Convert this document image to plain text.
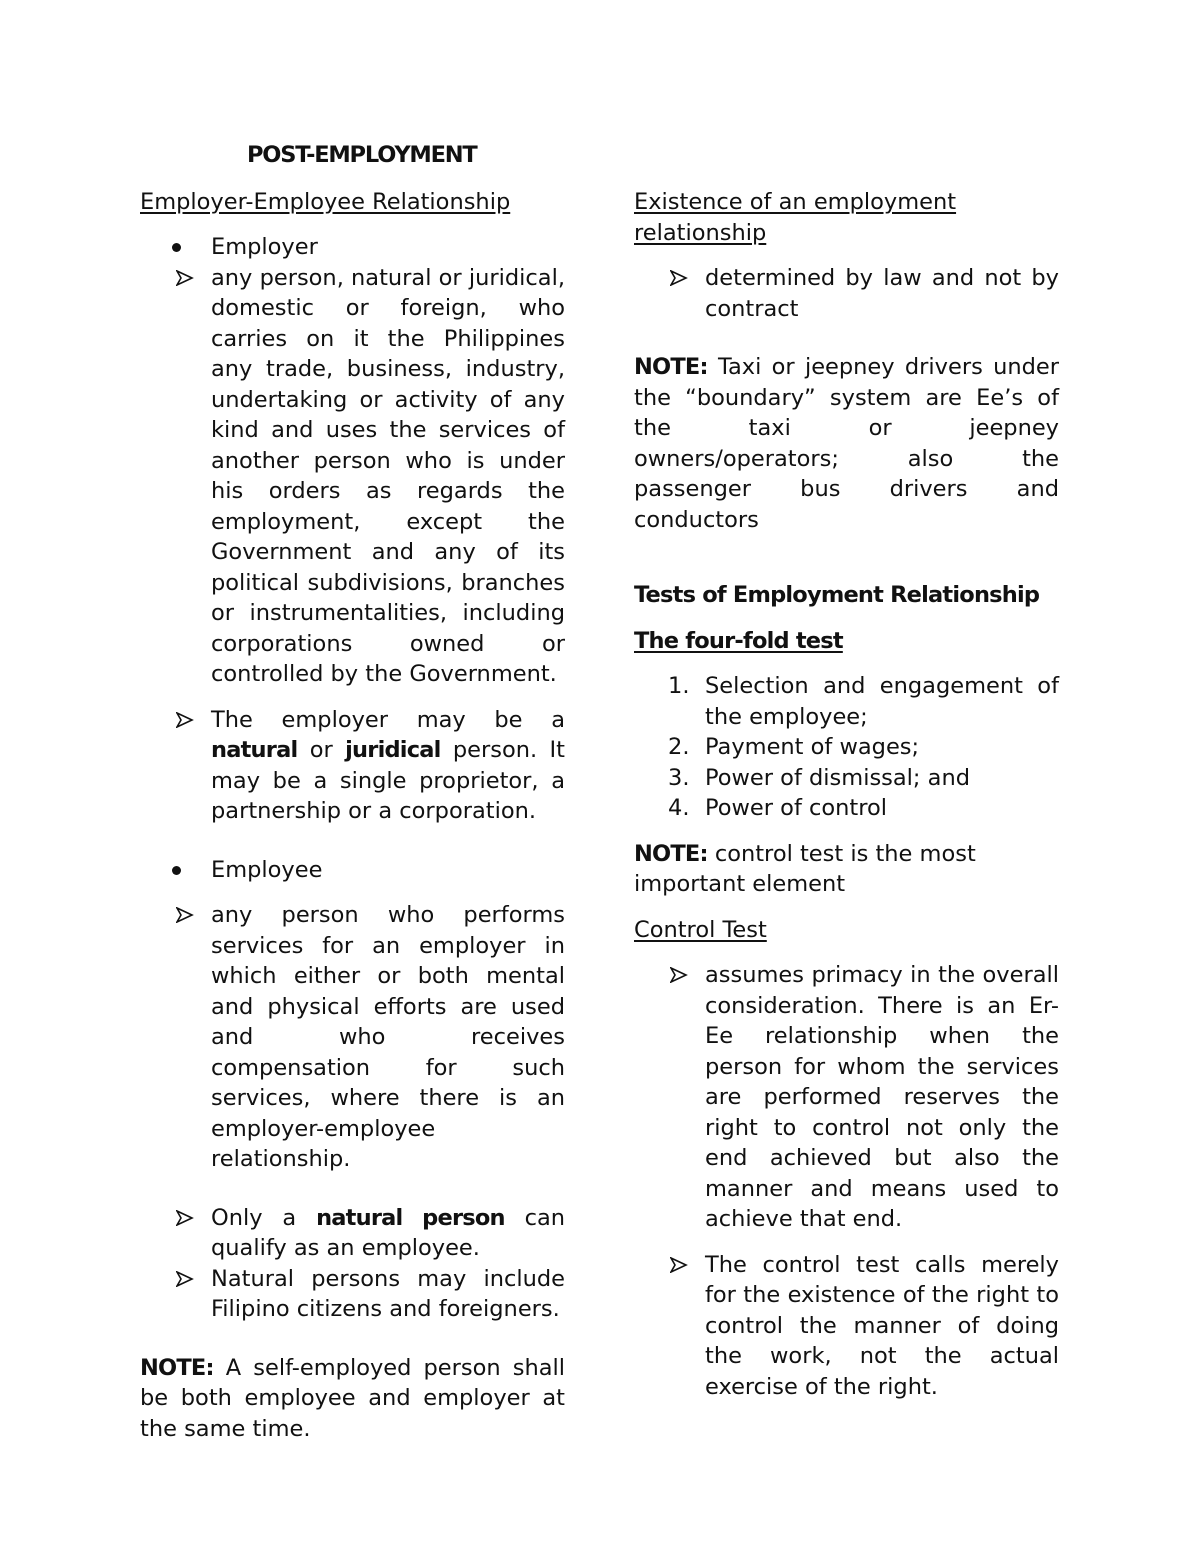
POST-EMPLOYMENT
Employer-Employee Relationship
Employer
any person, natural or juridical, domestic or foreign, who carries on it the Philippines any trade, business, industry, undertaking or activity of any kind and uses the services of another person who is under his orders as regards the employment, except the Government and any of its political subdivisions, branches or instrumentalities, including corporations owned or controlled by the Government.
The employer may be a natural or juridical person. It may be a single proprietor, a partnership or a corporation.
Employee
any person who performs services for an employer in which either or both mental and physical efforts are used and who receives compensation for such services, where there is an employer-employee relationship.
Only a natural person can qualify as an employee.
Natural persons may include Filipino citizens and foreigners.

NOTE: A self-employed person shall be both employee and employer at the same time.

Existence of an employment relationship
determined by law and not by contract

NOTE: Taxi or jeepney drivers under the “boundary” system are Ee’s of the taxi or jeepney owners/operators; also the passenger bus drivers and conductors

Tests of Employment Relationship
The four-fold test
1. Selection and engagement of the employee;
2. Payment of wages;
3. Power of dismissal; and
4. Power of control

NOTE: control test is the most important element

Control Test
assumes primacy in the overall consideration. There is an Er-Ee relationship when the person for whom the services are performed reserves the right to control not only the end achieved but also the manner and means used to achieve that end.
The control test calls merely for the existence of the right to control the manner of doing the work, not the actual exercise of the right.
